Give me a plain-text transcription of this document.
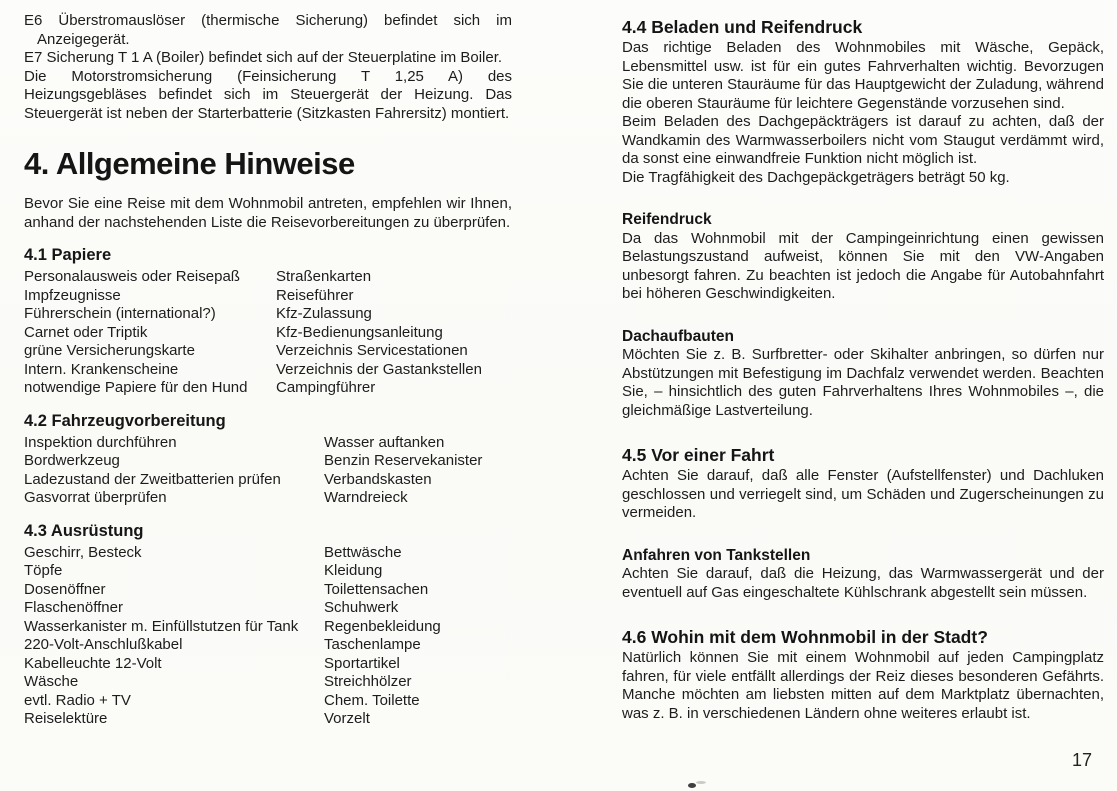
E6 Überstromauslöser (thermische Sicherung) befindet sich im Anzeigegerät.

E7 Sicherung T 1 A (Boiler) befindet sich auf der Steuerplatine im Boiler.

Die Motorstromsicherung (Feinsicherung T 1,25 A) des Heizungsgebläses befindet sich im Steuergerät der Heizung. Das Steuergerät ist neben der Starterbatterie (Sitzkasten Fahrersitz) montiert.

4. Allgemeine Hinweise

Bevor Sie eine Reise mit dem Wohnmobil antreten, empfehlen wir Ihnen, anhand der nachstehenden Liste die Reisevorbereitungen zu überprüfen.

4.1 Papiere
Personalausweis oder Reisepaß	Straßenkarten
Impfzeugnisse	Reiseführer
Führerschein (international?)	Kfz-Zulassung
Carnet oder Triptik	Kfz-Bedienungsanleitung
grüne Versicherungskarte	Verzeichnis Servicestationen
Intern. Krankenscheine	Verzeichnis der Gastankstellen
notwendige Papiere für den Hund	Campingführer
4.2 Fahrzeugvorbereitung
Inspektion durchführen	Wasser auftanken
Bordwerkzeug	Benzin Reservekanister
Ladezustand der Zweitbatterien prüfen	Verbandskasten
Gasvorrat überprüfen	Warndreieck
4.3 Ausrüstung
Geschirr, Besteck	Bettwäsche
Töpfe	Kleidung
Dosenöffner	Toilettensachen
Flaschenöffner	Schuhwerk
Wasserkanister m. Einfüllstutzen für Tank	Regenbekleidung
220-Volt-Anschlußkabel	Taschenlampe
Kabelleuchte 12-Volt	Sportartikel
Wäsche	Streichhölzer
evtl. Radio + TV	Chem. Toilette
Reiselektüre	Vorzelt
4.4 Beladen und Reifendruck

Das richtige Beladen des Wohnmobiles mit Wäsche, Gepäck, Lebensmittel usw. ist für ein gutes Fahrverhalten wichtig. Bevorzugen Sie die unteren Stauräume für das Hauptgewicht der Zuladung, während die oberen Stauräume für leichtere Gegenstände vorzusehen sind.

Beim Beladen des Dachgepäckträgers ist darauf zu achten, daß der Wandkamin des Warmwasserboilers nicht vom Staugut verdämmt wird, da sonst eine einwandfreie Funktion nicht möglich ist.

Die Tragfähigkeit des Dachgepäckgeträgers beträgt 50 kg.

Reifendruck

Da das Wohnmobil mit der Campingeinrichtung einen gewissen Belastungszustand aufweist, können Sie mit den VW-Angaben unbesorgt fahren. Zu beachten ist jedoch die Angabe für Autobahnfahrt bei höheren Geschwindigkeiten.

Dachaufbauten

Möchten Sie z. B. Surfbretter- oder Skihalter anbringen, so dürfen nur Abstützungen mit Befestigung im Dachfalz verwendet werden. Beachten Sie, – hinsichtlich des guten Fahrverhaltens Ihres Wohnmobiles –, die gleichmäßige Lastverteilung.

4.5 Vor einer Fahrt

Achten Sie darauf, daß alle Fenster (Aufstellfenster) und Dachluken geschlossen und verriegelt sind, um Schäden und Zugerscheinungen zu vermeiden.

Anfahren von Tankstellen

Achten Sie darauf, daß die Heizung, das Warmwassergerät und der eventuell auf Gas eingeschaltete Kühlschrank abgestellt sein müssen.

4.6 Wohin mit dem Wohnmobil in der Stadt?

Natürlich können Sie mit einem Wohnmobil auf jeden Campingplatz fahren, für viele entfällt allerdings der Reiz dieses besonderen Gefährts. Manche möchten am liebsten mitten auf dem Marktplatz übernachten, was z. B. in verschiedenen Ländern ohne weiteres erlaubt ist.

17
